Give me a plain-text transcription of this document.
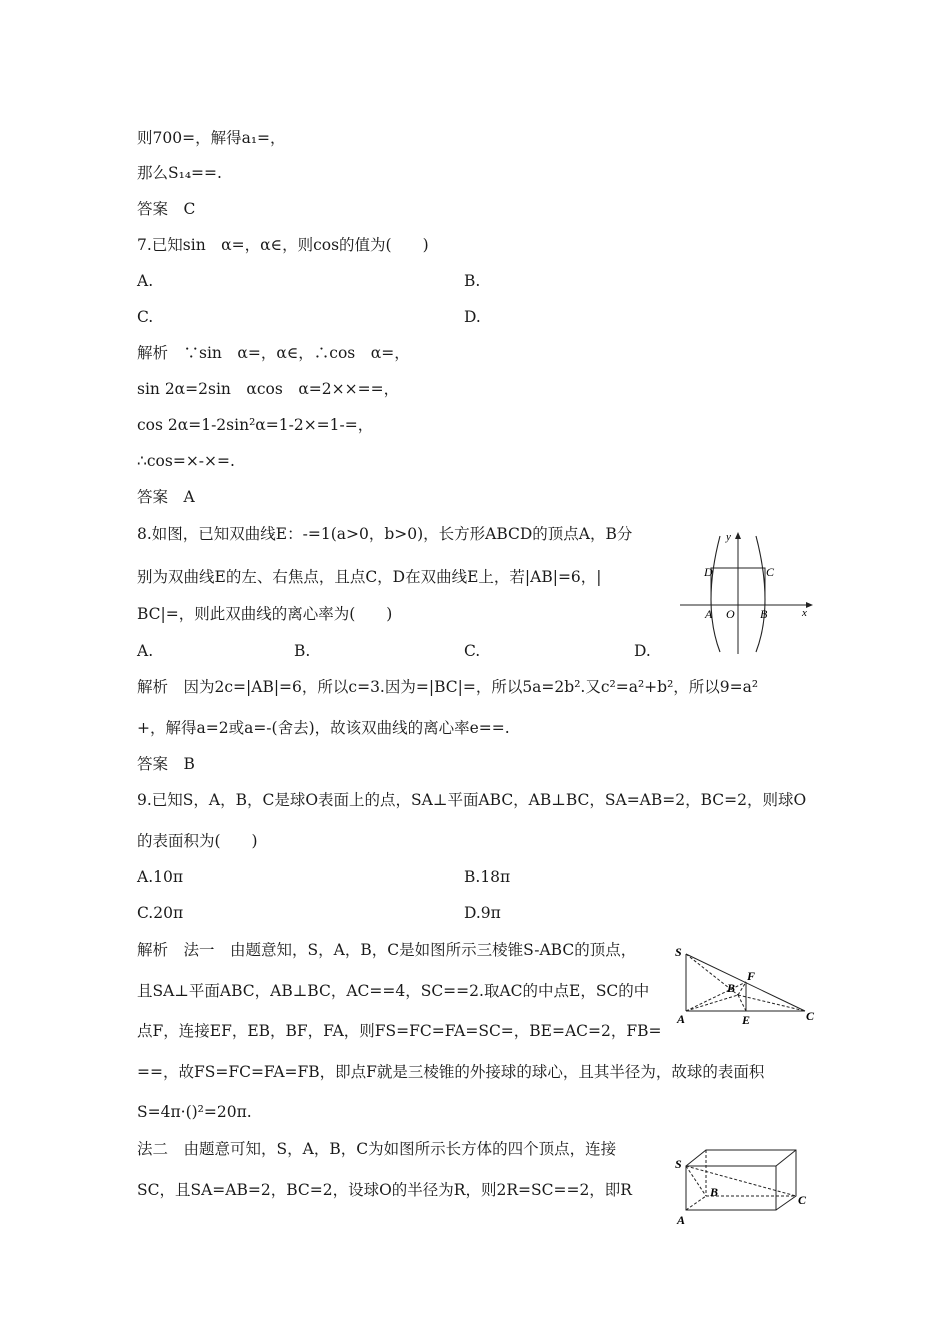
则700=，解得a₁=，
那么S₁₄==.
答案　C
7.已知sin　α=，α∈，则cos的值为(　　)
A.	B.
C.	D.
解析　∵sin　α=，α∈，∴cos　α=，
sin 2α=2sin　αcos　α=2××==，
cos 2α=1-2sin²α=1-2×=1-=，
∴cos=×-×=.
答案　A
8.如图，已知双曲线E：-=1(a>0，b>0)，长方形ABCD的顶点A，B分
别为双曲线E的左、右焦点，且点C，D在双曲线E上，若|AB|=6，|
BC|=，则此双曲线的离心率为(　　)
A.	B.	C.	D.
解析　因为2c=|AB|=6，所以c=3.因为=|BC|=，所以5a=2b².又c²=a²+b²，所以9=a²
+，解得a=2或a=-(舍去)，故该双曲线的离心率e==.
答案　B
9.已知S，A，B，C是球O表面上的点，SA⊥平面ABC，AB⊥BC，SA=AB=2，BC=2，则球O
的表面积为(　　)
A.10π	B.18π
C.20π	D.9π
解析　法一　由题意知，S，A，B，C是如图所示三棱锥S-ABC的顶点，
且SA⊥平面ABC，AB⊥BC，AC==4，SC==2.取AC的中点E，SC的中
点F，连接EF，EB，BF，FA，则FS=FC=FA=SC=，BE=AC=2，FB=
==，故FS=FC=FA=FB，即点F就是三棱锥的外接球的球心，且其半径为，故球的表面积
S=4π·()²=20π.
法二　由题意可知，S，A，B，C为如图所示长方体的四个顶点，连接
SC，且SA=AB=2，BC=2，设球O的半径为R，则2R=SC==2，即R
D	C
A O B	x
y
S
A
B
C
E
F
S
A
B
C
